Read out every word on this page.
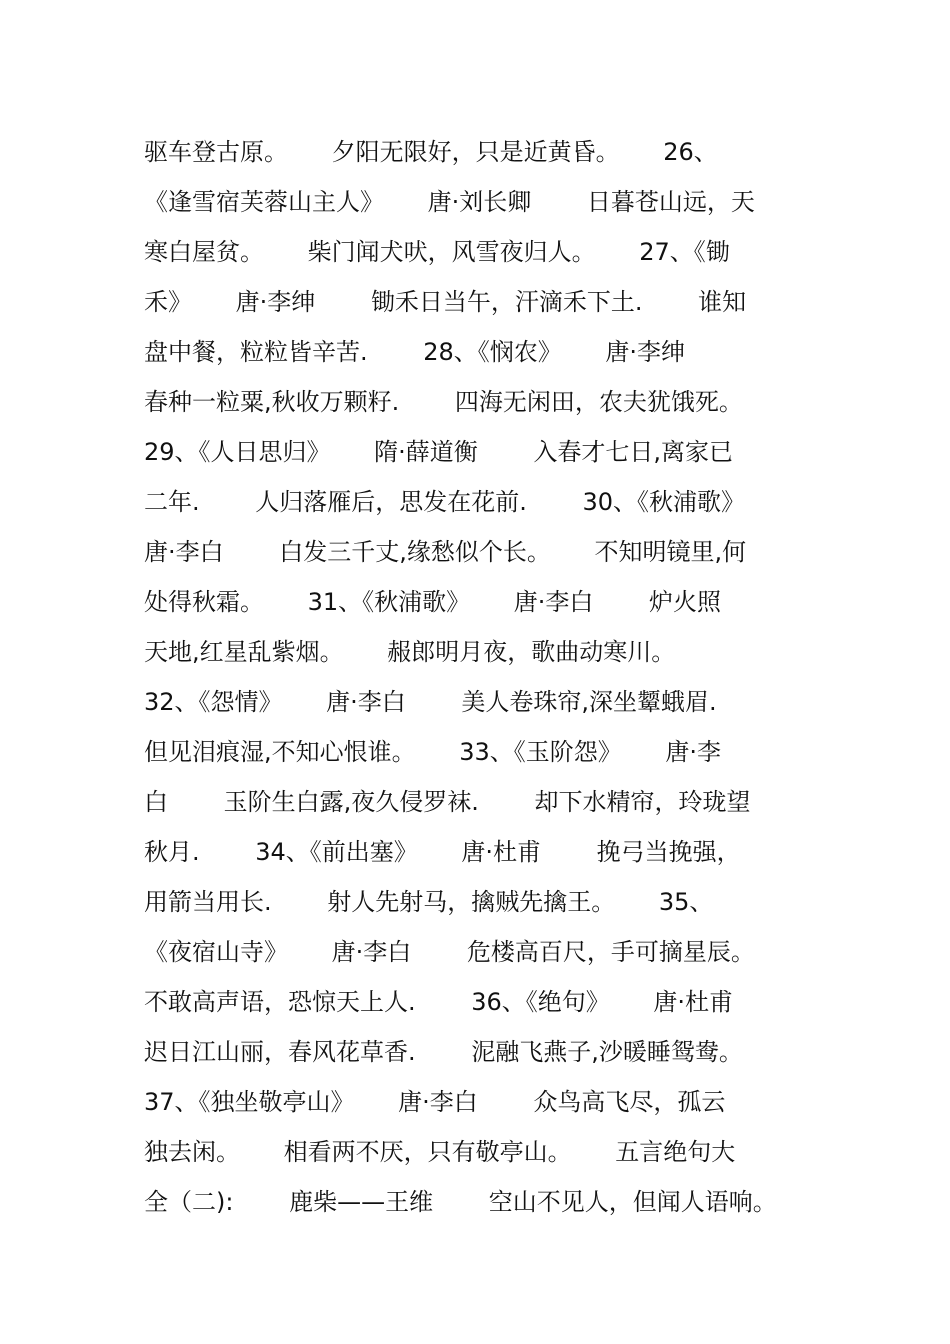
驱车登古原。　　 夕阳无限好，只是近黄昏。　　 26、
《逢雪宿芙蓉山主人》　　 唐·刘长卿　　 日暮苍山远，天
寒白屋贫。　　 柴门闻犬吠，风雪夜归人。　　 27、《锄
禾》　　 唐·李绅　　 锄禾日当午，汗滴禾下土.　　 谁知
盘中餐，粒粒皆辛苦.　　 28、《悯农》　　 唐·李绅
春种一粒粟,秋收万颗籽.　　 四海无闲田，农夫犹饿死。
29、《人日思归》　　 隋·薛道衡　　 入春才七日,离家已
二年.　　 人归落雁后，思发在花前.　　 30、《秋浦歌》
唐·李白　　 白发三千丈,缘愁似个长。　　 不知明镜里,何
处得秋霜。　　 31、《秋浦歌》　　 唐·李白　　 炉火照
天地,红星乱紫烟。　　 赧郎明月夜，歌曲动寒川。
32、《怨情》　　 唐·李白　　 美人卷珠帘,深坐颦蛾眉.
但见泪痕湿,不知心恨谁。　　 33、《玉阶怨》　　 唐·李
白　　 玉阶生白露,夜久侵罗袜.　　 却下水精帘，玲珑望
秋月.　　 34、《前出塞》　　 唐·杜甫　　 挽弓当挽强，
用箭当用长.　　 射人先射马，擒贼先擒王。　　 35、
《夜宿山寺》　　 唐·李白　　 危楼高百尺，手可摘星辰。
不敢高声语，恐惊天上人.　　 36、《绝句》　　 唐·杜甫
迟日江山丽，春风花草香.　　 泥融飞燕子,沙暖睡鸳鸯。
37、《独坐敬亭山》　　 唐·李白　　 众鸟高飞尽，孤云
独去闲。　　 相看两不厌，只有敬亭山。　　 五言绝句大
全（二):　　 鹿柴——王维　　 空山不见人，但闻人语响。
